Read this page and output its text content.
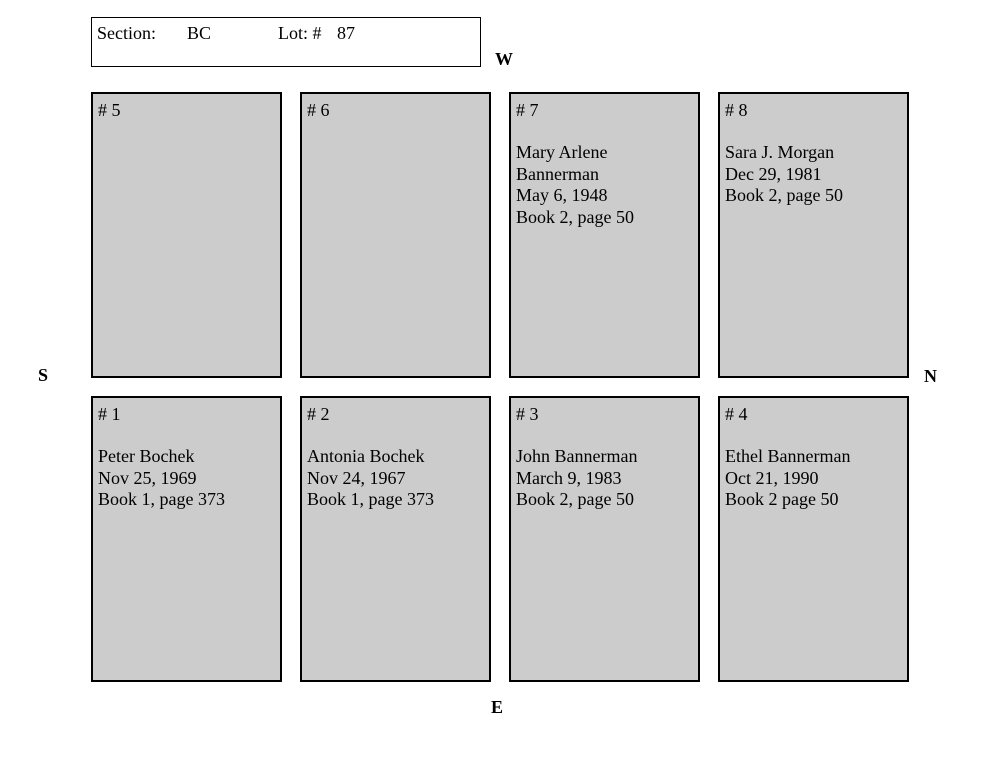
Section: BC	Lot: # 87
W
S	N
E
# 5	# 6	# 7
Mary Arlene
Bannerman
May 6, 1948
Book 2, page 50
# 8
Sara J. Morgan
Dec 29, 1981
Book 2, page 50
# 1
Peter Bochek
Nov 25, 1969
Book 1, page 373
# 2
Antonia Bochek
Nov 24, 1967
Book 1, page 373
# 3
John Bannerman
March 9, 1983
Book 2, page 50
# 4
Ethel Bannerman
Oct 21, 1990
Book 2 page 50
